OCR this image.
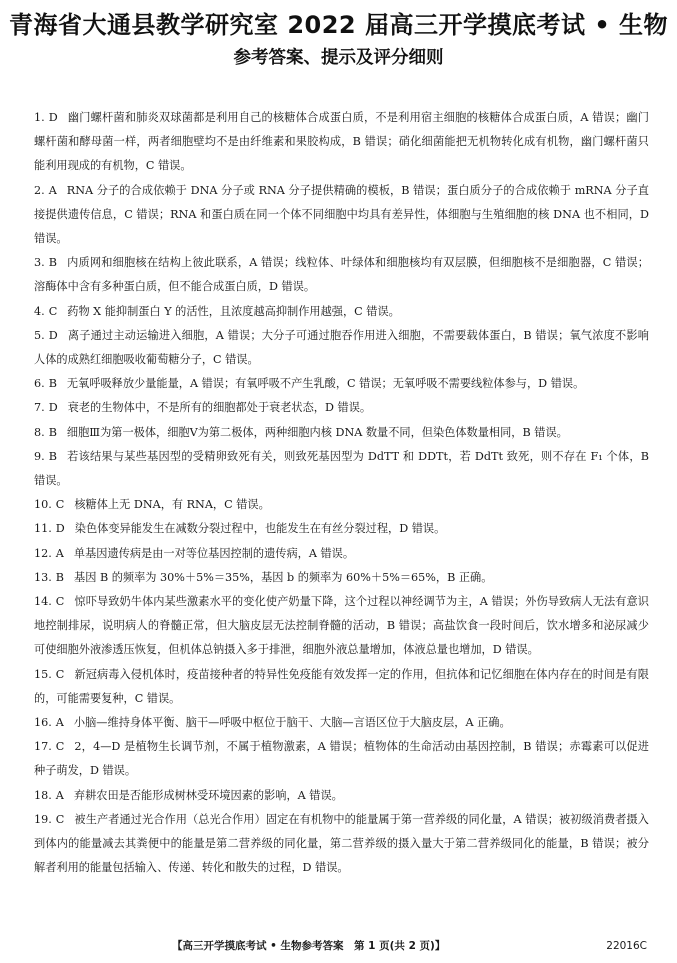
青海省大通县教学研究室 2022 届高三开学摸底考试 • 生物
参考答案、提示及评分细则

1. D 幽门螺杆菌和肺炎双球菌都是利用自己的核糖体合成蛋白质，不是利用宿主细胞的核糖体合成蛋白质，A 错误；幽门螺杆菌和酵母菌一样，两者细胞壁均不是由纤维素和果胶构成，B 错误；硝化细菌能把无机物转化成有机物，幽门螺杆菌只能利用现成的有机物，C 错误。

2. A RNA 分子的合成依赖于 DNA 分子或 RNA 分子提供精确的模板，B 错误；蛋白质分子的合成依赖于 mRNA 分子直接提供遗传信息，C 错误；RNA 和蛋白质在同一个体不同细胞中均具有差异性，体细胞与生殖细胞的核 DNA 也不相同，D 错误。

3. B 内质网和细胞核在结构上彼此联系，A 错误；线粒体、叶绿体和细胞核均有双层膜，但细胞核不是细胞器，C 错误；溶酶体中含有多种蛋白质，但不能合成蛋白质，D 错误。

4. C 药物 X 能抑制蛋白 Y 的活性，且浓度越高抑制作用越强，C 错误。

5. D 离子通过主动运输进入细胞，A 错误；大分子可通过胞吞作用进入细胞，不需要载体蛋白，B 错误；氧气浓度不影响人体的成熟红细胞吸收葡萄糖分子，C 错误。

6. B 无氧呼吸释放少量能量，A 错误；有氧呼吸不产生乳酸，C 错误；无氧呼吸不需要线粒体参与，D 错误。

7. D 衰老的生物体中，不是所有的细胞都处于衰老状态，D 错误。

8. B 细胞Ⅲ为第一极体，细胞Ⅴ为第二极体，两种细胞内核 DNA 数量不同，但染色体数量相同，B 错误。

9. B 若该结果与某些基因型的受精卵致死有关，则致死基因型为 DdTT 和 DDTt，若 DdTt 致死，则不存在 F₁ 个体，B 错误。

10. C 核糖体上无 DNA，有 RNA，C 错误。

11. D 染色体变异能发生在减数分裂过程中，也能发生在有丝分裂过程，D 错误。

12. A 单基因遗传病是由一对等位基因控制的遗传病，A 错误。

13. B 基因 B 的频率为 30%＋5%＝35%，基因 b 的频率为 60%＋5%＝65%，B 正确。

14. C 惊吓导致奶牛体内某些激素水平的变化使产奶量下降，这个过程以神经调节为主，A 错误；外伤导致病人无法有意识地控制排尿，说明病人的脊髓正常，但大脑皮层无法控制脊髓的活动，B 错误；高盐饮食一段时间后，饮水增多和泌尿减少可使细胞外液渗透压恢复，但机体总钠摄入多于排泄，细胞外液总量增加，体液总量也增加，D 错误。

15. C 新冠病毒入侵机体时，疫苗接种者的特异性免疫能有效发挥一定的作用，但抗体和记忆细胞在体内存在的时间是有限的，可能需要复种，C 错误。

16. A 小脑—维持身体平衡、脑干—呼吸中枢位于脑干、大脑—言语区位于大脑皮层，A 正确。

17. C 2，4—D 是植物生长调节剂，不属于植物激素，A 错误；植物体的生命活动由基因控制，B 错误；赤霉素可以促进种子萌发，D 错误。

18. A 弃耕农田是否能形成树林受环境因素的影响，A 错误。

19. C 被生产者通过光合作用（总光合作用）固定在有机物中的能量属于第一营养级的同化量，A 错误；被初级消费者摄入到体内的能量减去其粪便中的能量是第二营养级的同化量，第二营养级的摄入量大于第二营养级同化的能量，B 错误；被分解者利用的能量包括输入、传递、转化和散失的过程，D 错误。

【高三开学摸底考试 • 生物参考答案　第 1 页(共 2 页)】	22016C
